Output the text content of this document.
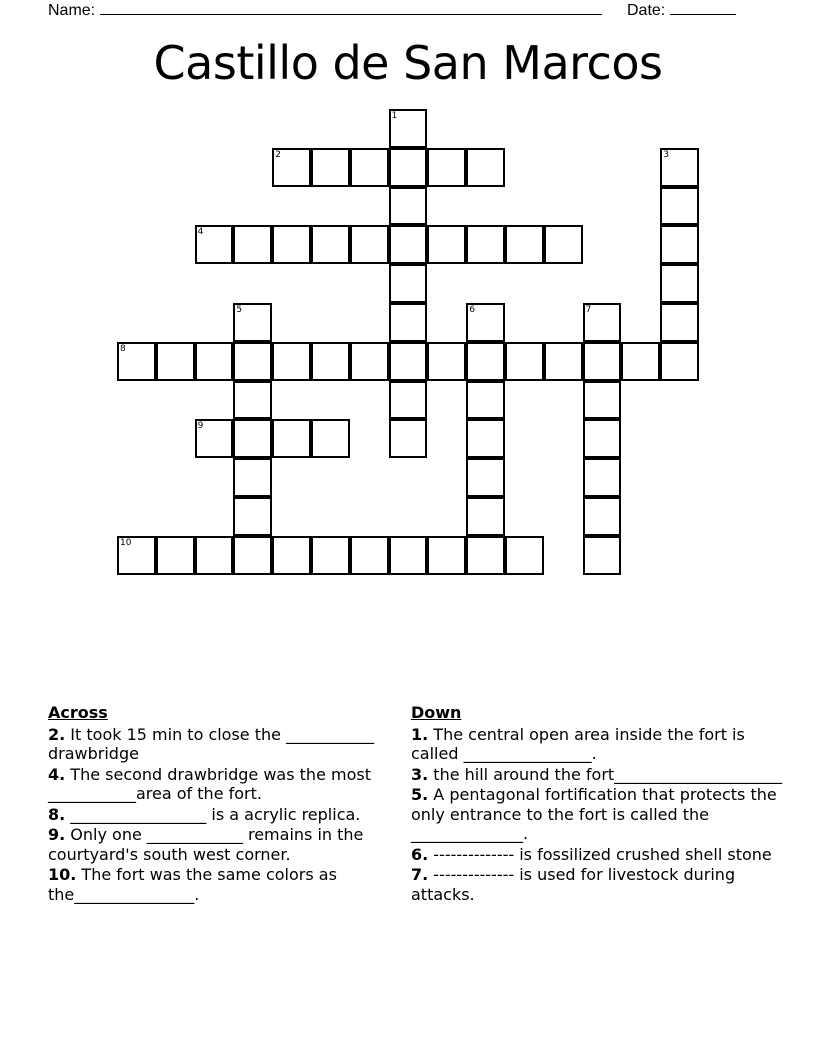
Name:	Date:
Castillo de San Marcos
1
2	3
4
5	6	7
8
9
10
Across
2. It took 15 min to close the ___________ drawbridge
4. The second drawbridge was the most ___________area of the fort.
8. _________________ is a acrylic replica.
9. Only one ____________ remains in the courtyard's south west corner.
10. The fort was the same colors as the_______________.
Down
1. The central open area inside the fort is called ________________.
3. the hill around the fort_____________________
5. A pentagonal fortification that protects the only entrance to the fort is called the ______________.
6. -------------- is fossilized crushed shell stone
7. -------------- is used for livestock during attacks.
